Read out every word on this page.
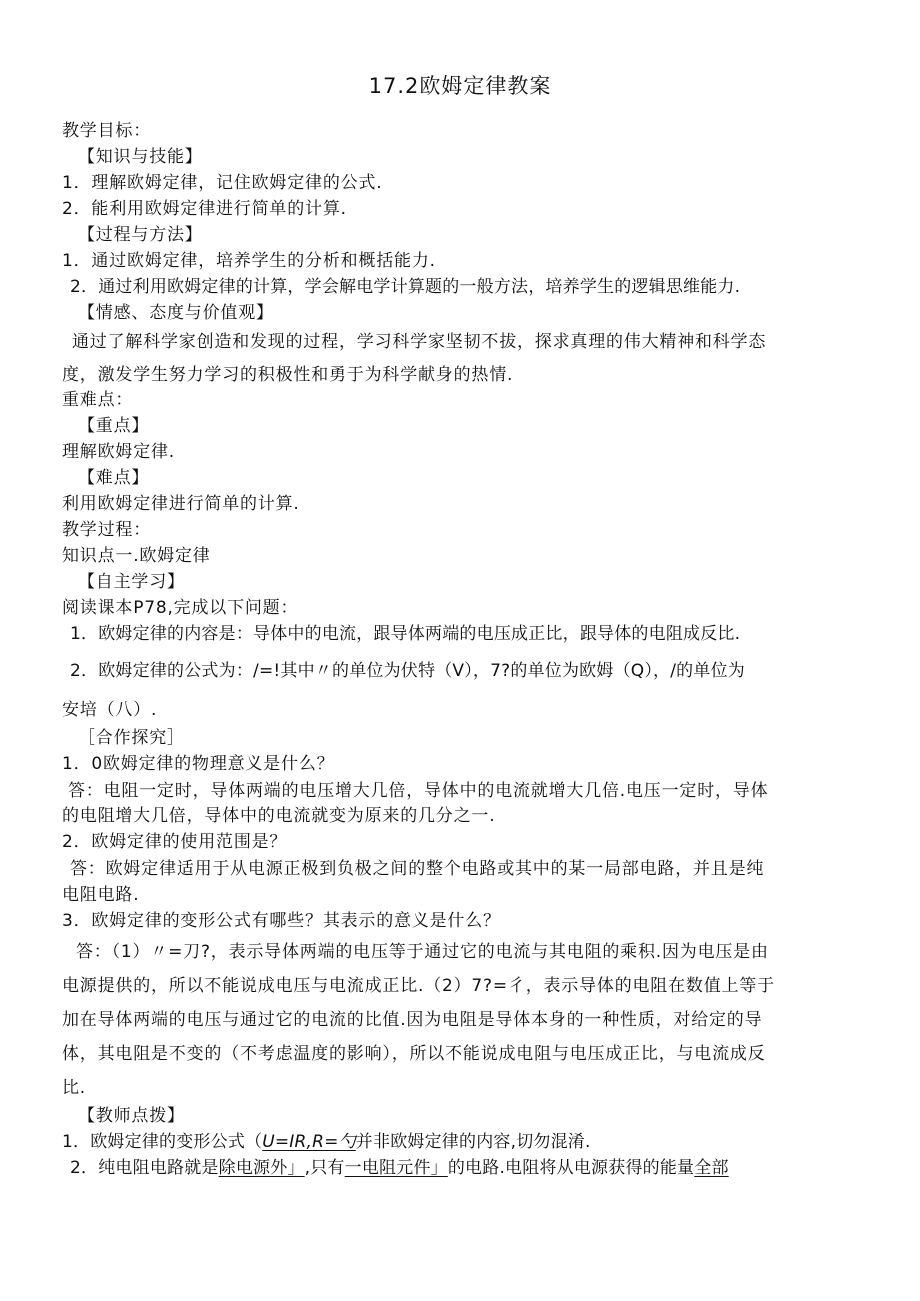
17.2欧姆定律教案
教学目标：
【知识与技能】
1．理解欧姆定律，记住欧姆定律的公式.
2．能利用欧姆定律进行简单的计算.
【过程与方法】
1．通过欧姆定律，培养学生的分析和概括能力.
2．通过利用欧姆定律的计算，学会解电学计算题的一般方法，培养学生的逻辑思维能力.
【情感、态度与价值观】
通过了解科学家创造和发现的过程，学习科学家坚韧不拔，探求真理的伟大精神和科学态
度，激发学生努力学习的积极性和勇于为科学献身的热情.
重难点：
【重点】
理解欧姆定律.
【难点】
利用欧姆定律进行简单的计算.
教学过程：
知识点一.欧姆定律
【自主学习】
阅读课本P78,完成以下问题：
1．欧姆定律的内容是：导体中的电流，跟导体两端的电压成正比，跟导体的电阻成反比.
2．欧姆定律的公式为：/=!其中〃的单位为伏特（V），7?的单位为欧姆（Q），/的单位为
安培（八）.
［合作探究］
1．0欧姆定律的物理意义是什么？
答：电阻一定时，导体两端的电压增大几倍，导体中的电流就增大几倍.电压一定时，导体
的电阻增大几倍，导体中的电流就变为原来的几分之一.
2．欧姆定律的使用范围是？
答：欧姆定律适用于从电源正极到负极之间的整个电路或其中的某一局部电路，并且是纯
电阻电路.
3．欧姆定律的变形公式有哪些？其表示的意义是什么？
答：（1）〃=刀?，表示导体两端的电压等于通过它的电流与其电阻的乘积.因为电压是由
电源提供的，所以不能说成电压与电流成正比.（2）7?=彳，表示导体的电阻在数值上等于
加在导体两端的电压与通过它的电流的比值.因为电阻是导体本身的一种性质，对给定的导
体，其电阻是不变的（不考虑温度的影响），所以不能说成电阻与电压成正比，与电流成反
比.
【教师点拨】
1．欧姆定律的变形公式（U=IR,R=勺并非欧姆定律的内容,切勿混淆.
2．纯电阻电路就是除电源外」,只有一电阻元件」的电路.电阻将从电源获得的能量全部
